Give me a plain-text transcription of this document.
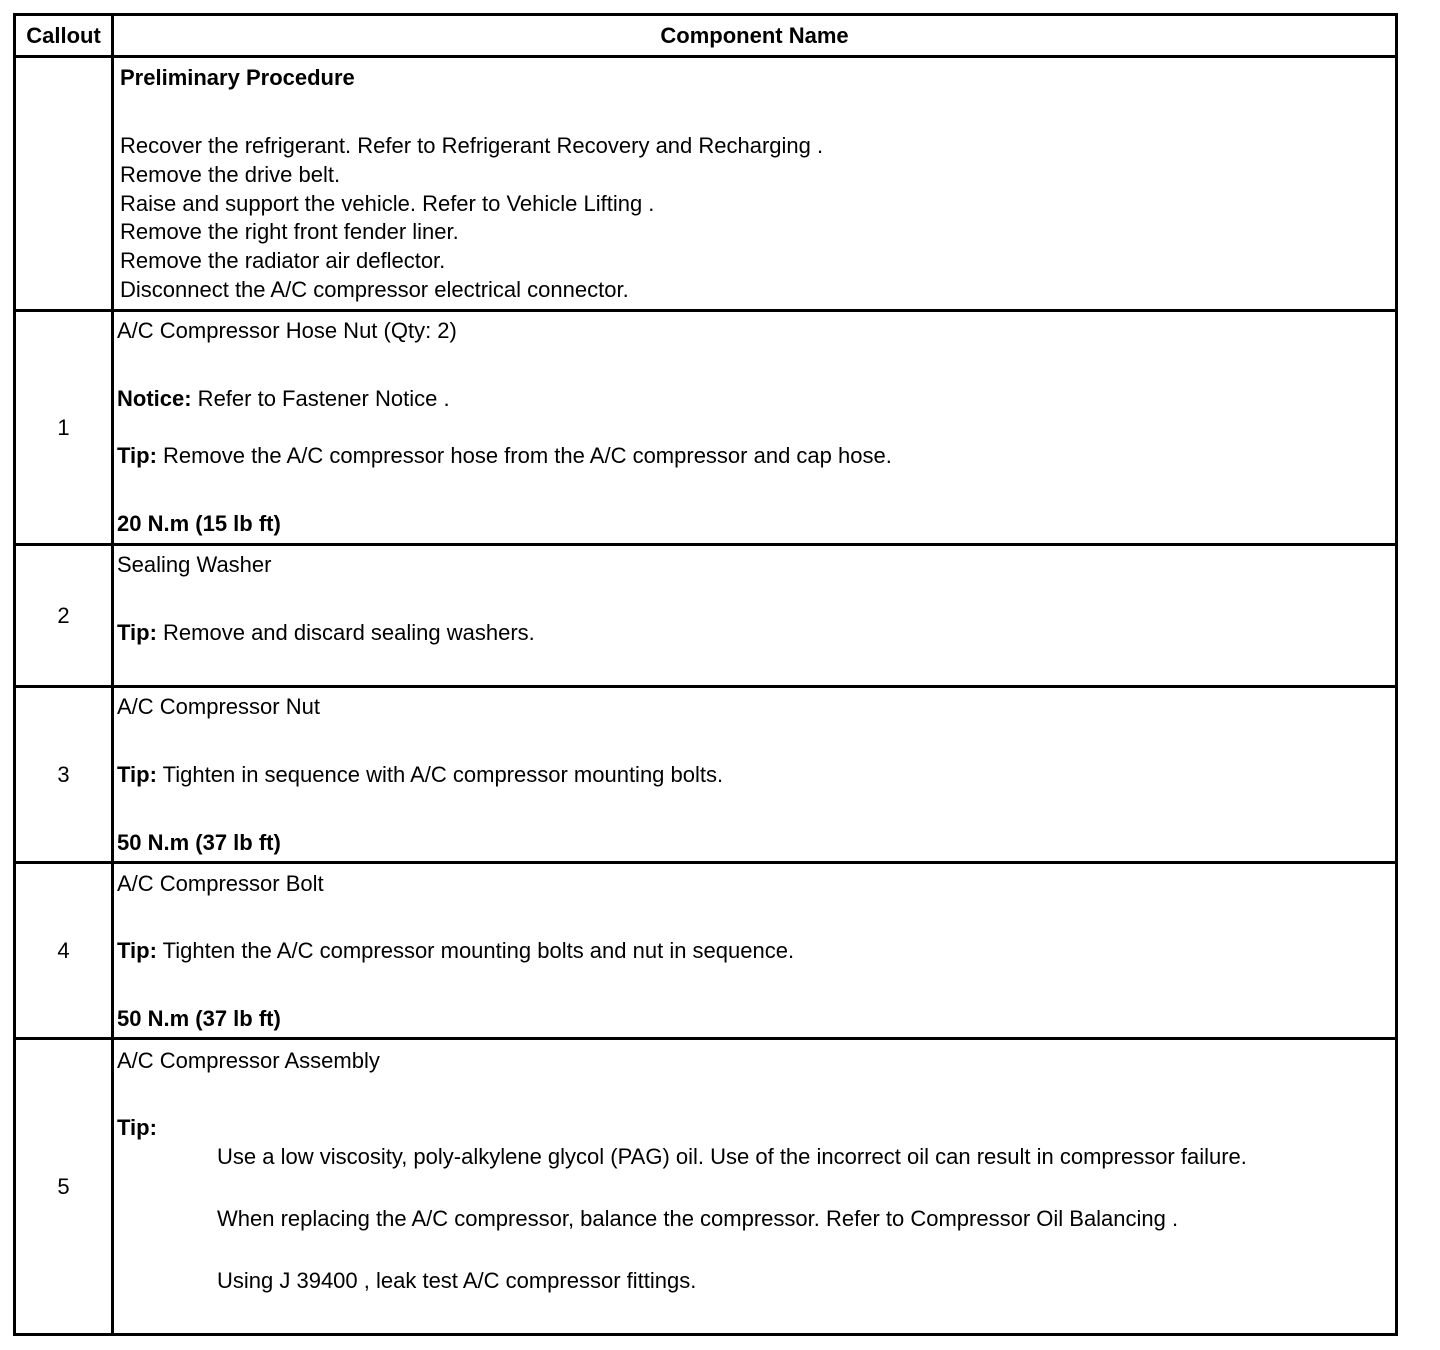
Callout	Component Name
Preliminary Procedure
Recover the refrigerant. Refer to Refrigerant Recovery and Recharging .
Remove the drive belt.
Raise and support the vehicle. Refer to Vehicle Lifting .
Remove the right front fender liner.
Remove the radiator air deflector.
Disconnect the A/C compressor electrical connector.
1
A/C Compressor Hose Nut (Qty: 2)
Notice: Refer to Fastener Notice .
Tip: Remove the A/C compressor hose from the A/C compressor and cap hose.
20 N.m (15 lb ft)
2
Sealing Washer
Tip: Remove and discard sealing washers.
3
A/C Compressor Nut
Tip: Tighten in sequence with A/C compressor mounting bolts.
50 N.m (37 lb ft)
4
A/C Compressor Bolt
Tip: Tighten the A/C compressor mounting bolts and nut in sequence.
50 N.m (37 lb ft)
5
A/C Compressor Assembly
Tip:
Use a low viscosity, poly-alkylene glycol (PAG) oil. Use of the incorrect oil can result in compressor failure.
When replacing the A/C compressor, balance the compressor. Refer to Compressor Oil Balancing .
Using J 39400 , leak test A/C compressor fittings.
